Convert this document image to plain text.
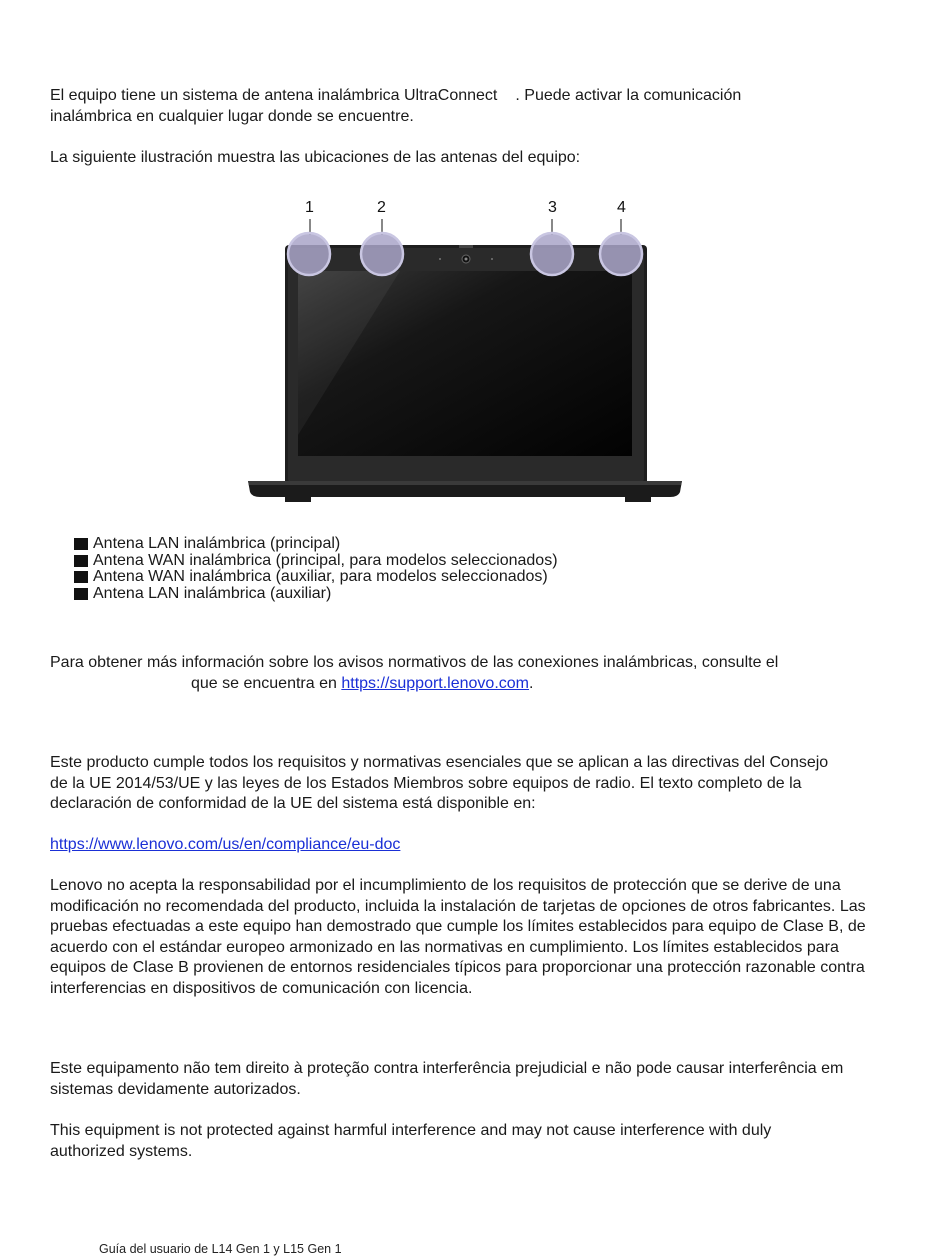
El equipo tiene un sistema de antena inalámbrica UltraConnect . Puede activar la comunicación
inalámbrica en cualquier lugar donde se encuentre.

La siguiente ilustración muestra las ubicaciones de las antenas del equipo:

1	2	3	4
Antena LAN inalámbrica (principal)
Antena WAN inalámbrica (principal, para modelos seleccionados)
Antena WAN inalámbrica (auxiliar, para modelos seleccionados)
Antena LAN inalámbrica (auxiliar)

Para obtener más información sobre los avisos normativos de las conexiones inalámbricas, consulte el
que se encuentra en https://support.lenovo.com.

Este producto cumple todos los requisitos y normativas esenciales que se aplican a las directivas del Consejo de la UE 2014/53/UE y las leyes de los Estados Miembros sobre equipos de radio. El texto completo de la declaración de conformidad de la UE del sistema está disponible en:

https://www.lenovo.com/us/en/compliance/eu-doc

Lenovo no acepta la responsabilidad por el incumplimiento de los requisitos de protección que se derive de una modificación no recomendada del producto, incluida la instalación de tarjetas de opciones de otros fabricantes. Las pruebas efectuadas a este equipo han demostrado que cumple los límites establecidos para equipo de Clase B, de acuerdo con el estándar europeo armonizado en las normativas en cumplimiento. Los límites establecidos para equipos de Clase B provienen de entornos residenciales típicos para proporcionar una protección razonable contra interferencias en dispositivos de comunicación con licencia.

Este equipamento não tem direito à proteção contra interferência prejudicial e não pode causar interferência em sistemas devidamente autorizados.

This equipment is not protected against harmful interference and may not cause interference with duly authorized systems.

Guía del usuario de L14 Gen 1 y L15 Gen 1
